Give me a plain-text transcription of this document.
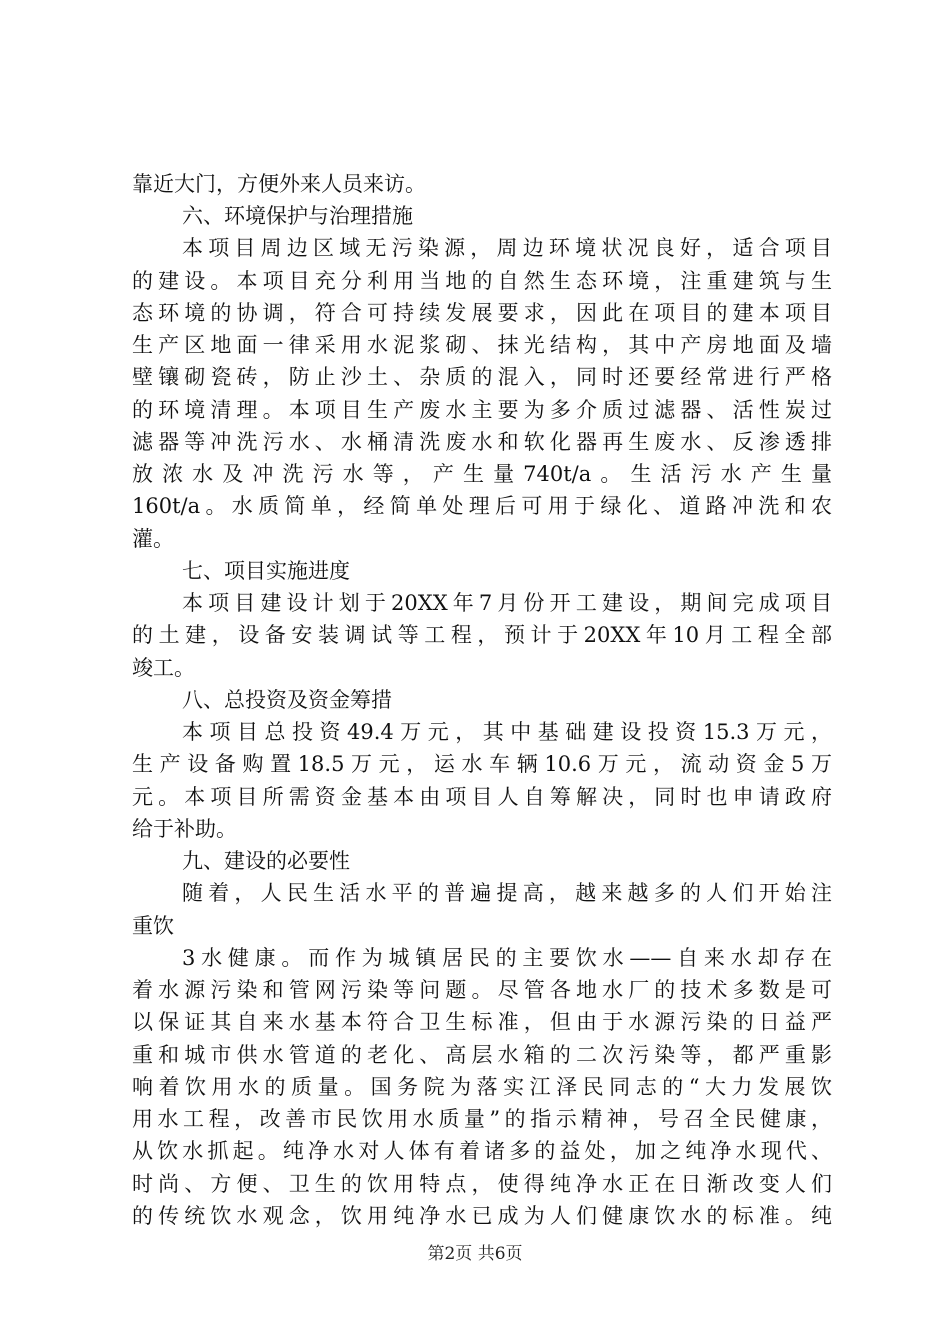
靠近大门，方便外来人员来访。
六、环境保护与治理措施
本项目周边区域无污染源，周边环境状况良好，适合项目
的建设。本项目充分利用当地的自然生态环境，注重建筑与生
态环境的协调，符合可持续发展要求，因此在项目的建本项目
生产区地面一律采用水泥浆砌、抹光结构，其中产房地面及墙
壁镶砌瓷砖，防止沙土、杂质的混入，同时还要经常进行严格
的环境清理。本项目生产废水主要为多介质过滤器、活性炭过
滤器等冲洗污水、水桶清洗废水和软化器再生废水、反渗透排
放浓水及冲洗污水等，产生量740t/a。生活污水产生量
160t/a。水质简单，经简单处理后可用于绿化、道路冲洗和农
灌。
七、项目实施进度
本项目建设计划于20XX年7月份开工建设，期间完成项目
的土建，设备安装调试等工程，预计于20XX年10月工程全部
竣工。
八、总投资及资金筹措
本项目总投资49.4万元，其中基础建设投资15.3万元，
生产设备购置18.5万元，运水车辆10.6万元，流动资金5万
元。本项目所需资金基本由项目人自筹解决，同时也申请政府
给于补助。
九、建设的必要性
随着，人民生活水平的普遍提高，越来越多的人们开始注
重饮
3水健康。而作为城镇居民的主要饮水——自来水却存在
着水源污染和管网污染等问题。尽管各地水厂的技术多数是可
以保证其自来水基本符合卫生标准，但由于水源污染的日益严
重和城市供水管道的老化、高层水箱的二次污染等，都严重影
响着饮用水的质量。国务院为落实江泽民同志的“大力发展饮
用水工程，改善市民饮用水质量”的指示精神，号召全民健康，
从饮水抓起。纯净水对人体有着诸多的益处，加之纯净水现代、
时尚、方便、卫生的饮用特点，使得纯净水正在日渐改变人们
的传统饮水观念，饮用纯净水已成为人们健康饮水的标准。纯
第2页 共6页
